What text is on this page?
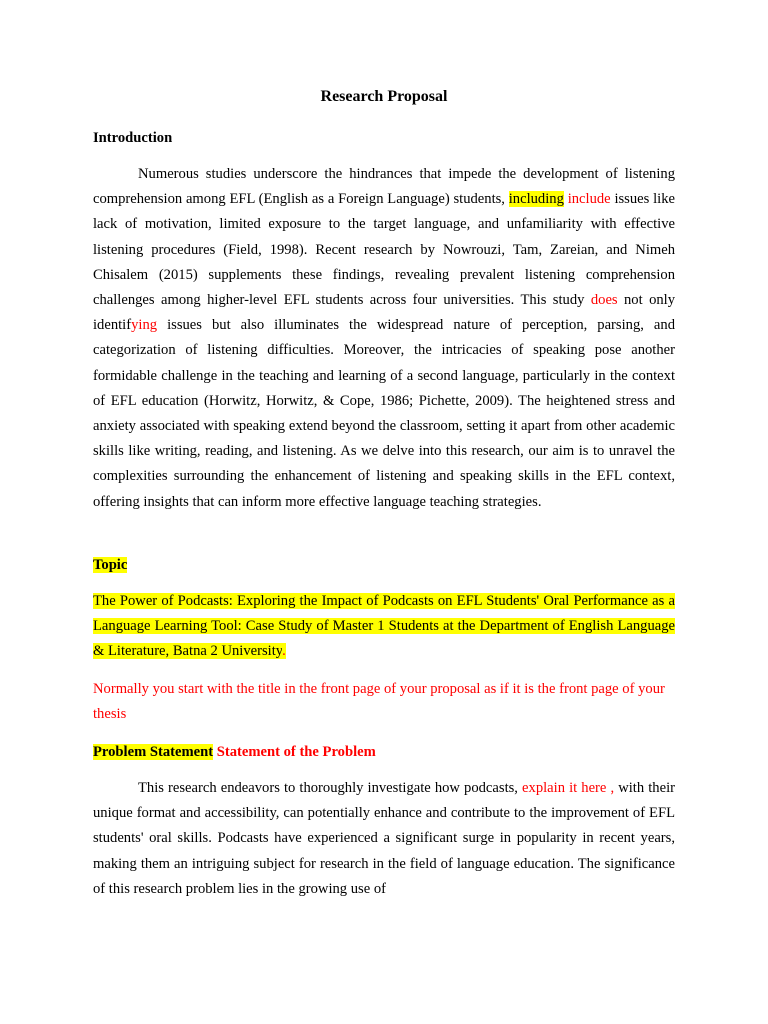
Research Proposal
Introduction
Numerous studies underscore the hindrances that impede the development of listening comprehension among EFL (English as a Foreign Language) students, including include issues like lack of motivation, limited exposure to the target language, and unfamiliarity with effective listening procedures (Field, 1998). Recent research by Nowrouzi, Tam, Zareian, and Nimeh Chisalem (2015) supplements these findings, revealing prevalent listening comprehension challenges among higher-level EFL students across four universities. This study does not only identifying issues but also illuminates the widespread nature of perception, parsing, and categorization of listening difficulties. Moreover, the intricacies of speaking pose another formidable challenge in the teaching and learning of a second language, particularly in the context of EFL education (Horwitz, Horwitz, & Cope, 1986; Pichette, 2009). The heightened stress and anxiety associated with speaking extend beyond the classroom, setting it apart from other academic skills like writing, reading, and listening. As we delve into this research, our aim is to unravel the complexities surrounding the enhancement of listening and speaking skills in the EFL context, offering insights that can inform more effective language teaching strategies.
Topic
The Power of Podcasts: Exploring the Impact of Podcasts on EFL Students' Oral Performance as a Language Learning Tool: Case Study of Master 1 Students at the Department of English Language & Literature, Batna 2 University.
Normally you start with the title in the front page of your proposal as if it is the front page of your thesis
Problem Statement Statement of the Problem
This research endeavors to thoroughly investigate how podcasts, explain it here , with their unique format and accessibility, can potentially enhance and contribute to the improvement of EFL students' oral skills. Podcasts have experienced a significant surge in popularity in recent years, making them an intriguing subject for research in the field of language education. The significance of this research problem lies in the growing use of
